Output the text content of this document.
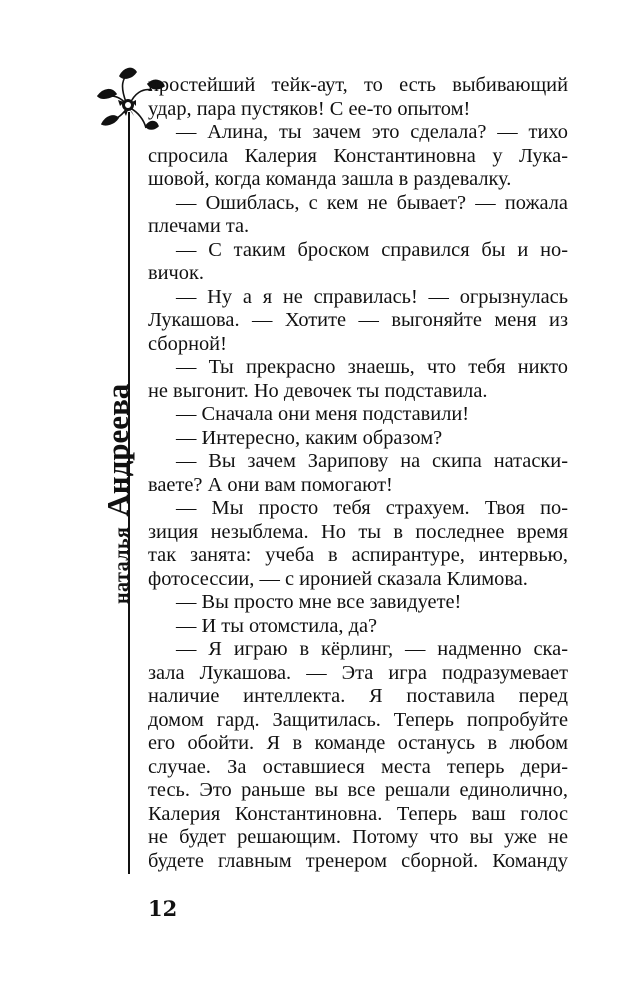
натальяАндреева
простейший тейк-аут, то есть выбивающий
удар, пара пустяков! С ее-то опытом!
— Алина, ты зачем это сделала? — тихо
спросила Калерия Константиновна у Лука-
шовой, когда команда зашла в раздевалку.
— Ошиблась, с кем не бывает? — пожала
плечами та.
— С таким броском справился бы и но-
вичок.
— Ну а я не справилась! — огрызнулась
Лукашова. — Хотите — выгоняйте меня из
сборной!
— Ты прекрасно знаешь, что тебя никто
не выгонит. Но девочек ты подставила.
— Сначала они меня подставили!
— Интересно, каким образом?
— Вы зачем Зарипову на скипа натаски-
ваете? А они вам помогают!
— Мы просто тебя страхуем. Твоя по-
зиция незыблема. Но ты в последнее время
так занята: учеба в аспирантуре, интервью,
фотосессии, — с иронией сказала Климова.
— Вы просто мне все завидуете!
— И ты отомстила, да?
— Я играю в кёрлинг, — надменно ска-
зала Лукашова. — Эта игра подразумевает
наличие интеллекта. Я поставила перед
домом гард. Защитилась. Теперь попробуйте
его обойти. Я в команде останусь в любом
случае. За оставшиеся места теперь дери-
тесь. Это раньше вы все решали единолично,
Калерия Константиновна. Теперь ваш голос
не будет решающим. Потому что вы уже не
будете главным тренером сборной. Команду
12
